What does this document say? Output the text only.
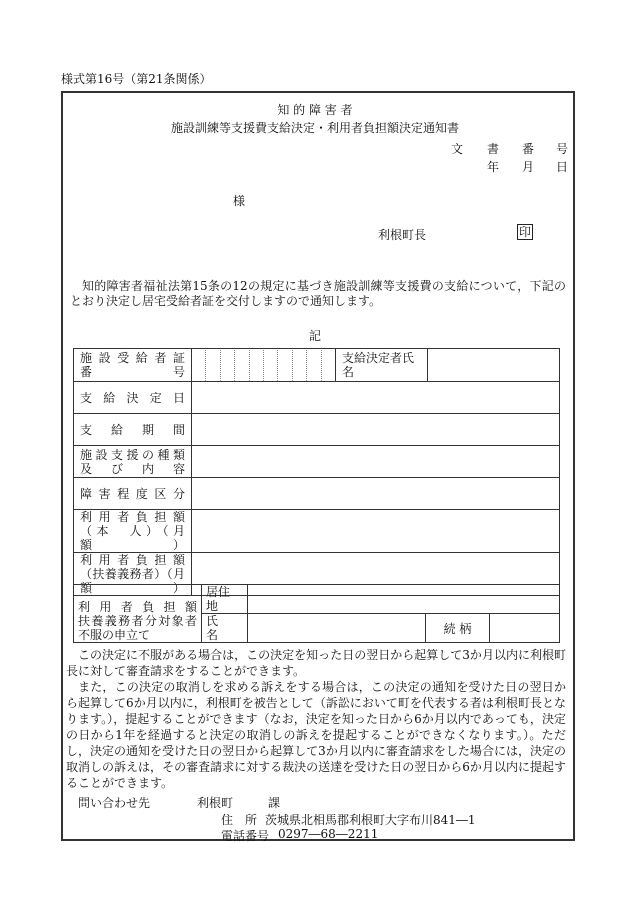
様式第16号（第21条関係）
知 的 障 害 者
施設訓練等支援費支給決定・利用者負担額決定通知書
文 書 番 号
年 月 日
様
利根町長	印

知的障害者福祉法第15条の12の規定に基づき施設訓練等支援費の支給について，下記のとおり決定し居宅受給者証を交付しますので通知します。

記
施 設 受 給 者 証
番 号		支給決定者氏名	

支 給 決 定 日			

支 給 期 間			

施設支援の種類
及 び 内 容			

障害程度区分			

利 用 者 負 担 額
（本　人）（月　額）			

利 用 者 負 担 額
（扶養義務者）（月額）			

利 用 者 負 担 額
扶養義務者分対象者	居住地			
	氏　名		続 柄	
不服の申立て

この決定に不服がある場合は，この決定を知った日の翌日から起算して3か月以内に利根町長に対して審査請求をすることができます。

また，この決定の取消しを求める訴えをする場合は，この決定の通知を受けた日の翌日から起算して6か月以内に，利根町を被告として（訴訟において町を代表する者は利根町長となります。），提起することができます（なお，決定を知った日から6か月以内であっても，決定の日から1年を経過すると決定の取消しの訴えを提起することができなくなります。）。ただし，決定の通知を受けた日の翌日から起算して3か月以内に審査請求をした場合には，決定の取消しの訴えは，その審査請求に対する裁決の送達を受けた日の翌日から6か月以内に提起することができます。

問い合わせ先	利根町	課
住　所 茨城県北相馬郡利根町大字布川841―1
電話番号 0297―68―2211
